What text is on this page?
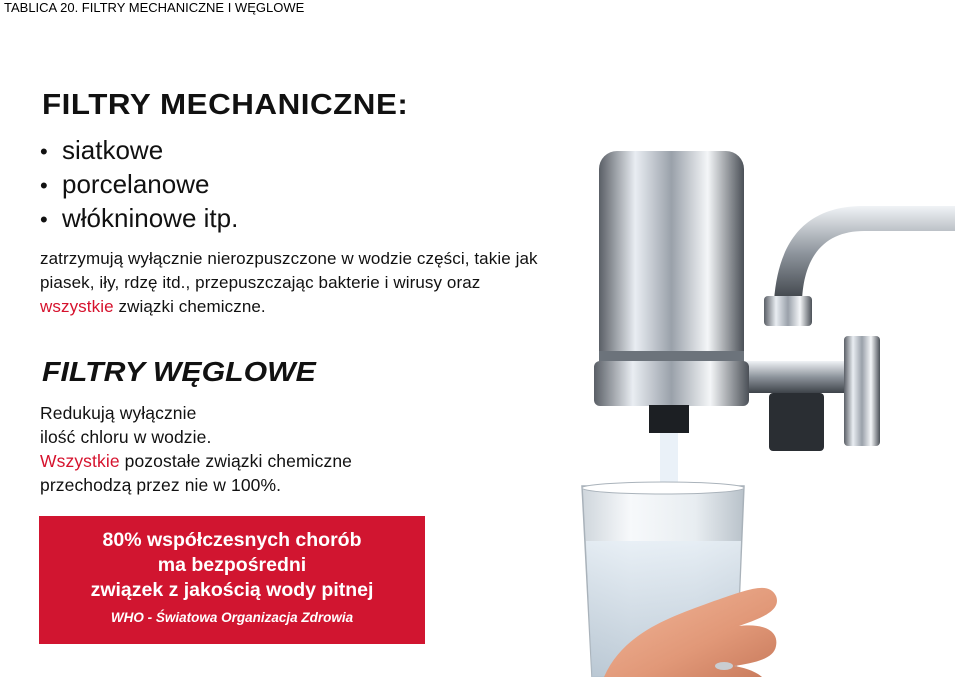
TABLICA 20. FILTRY MECHANICZNE I WĘGLOWE
FILTRY MECHANICZNE:
• siatkowe
• porcelanowe
• włókninowe itp.

zatrzymują wyłącznie nierozpuszczone w wodzie części, takie jak piasek, iły, rdzę itd., przepuszczając bakterie i wirusy oraz wszystkie związki chemiczne.

FILTRY WĘGLOWE

Redukują wyłącznie
ilość chloru w wodzie.
Wszystkie pozostałe związki chemiczne
przechodzą przez nie w 100%.

80% współczesnych chorób
ma bezpośredni
związek z jakością wody pitnej
WHO - Światowa Organizacja Zdrowia
